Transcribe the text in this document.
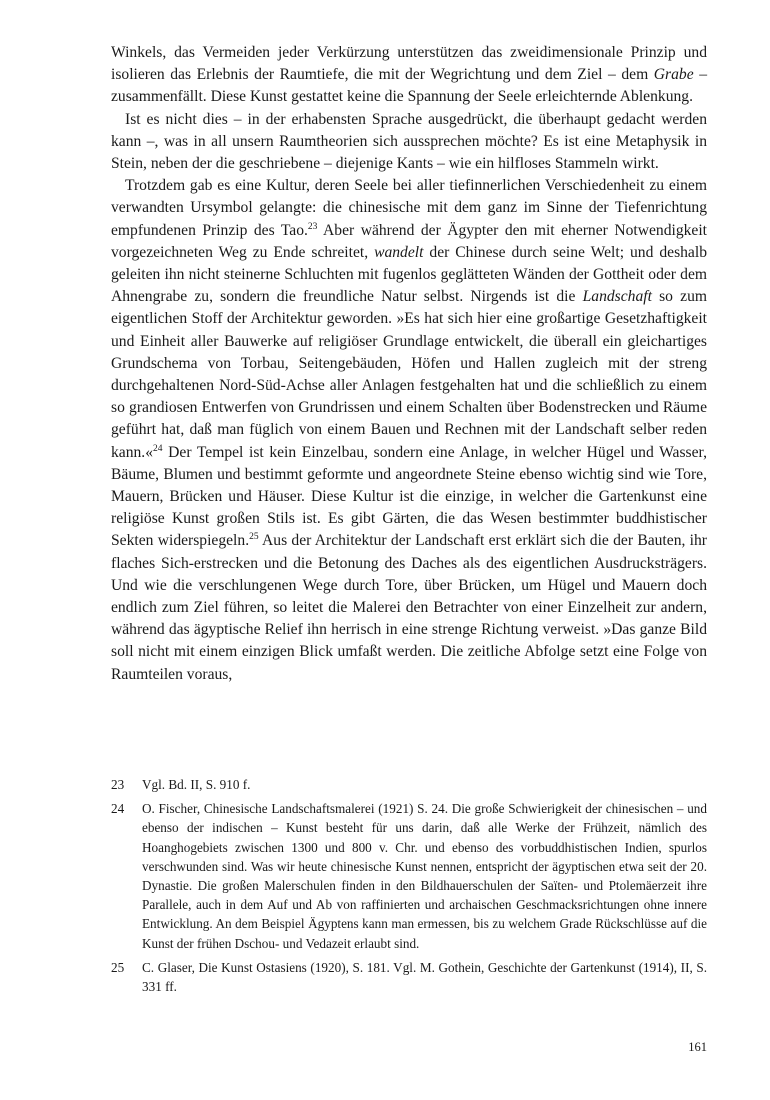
Winkels, das Vermeiden jeder Verkürzung unterstützen das zweidimensionale Prinzip und isolieren das Erlebnis der Raumtiefe, die mit der Wegrichtung und dem Ziel – dem Grabe – zusammenfällt. Diese Kunst gestattet keine die Spannung der Seele erleichternde Ablenkung.

Ist es nicht dies – in der erhabensten Sprache ausgedrückt, die überhaupt gedacht werden kann –, was in all unsern Raumtheorien sich aussprechen möchte? Es ist eine Metaphysik in Stein, neben der die geschriebene – diejenige Kants – wie ein hilfloses Stammeln wirkt.

Trotzdem gab es eine Kultur, deren Seele bei aller tiefinnerlichen Verschiedenheit zu einem verwandten Ursymbol gelangte: die chinesische mit dem ganz im Sinne der Tiefenrichtung empfundenen Prinzip des Tao.$^{23}$ Aber während der Ägypter den mit eherner Notwendigkeit vorgezeichneten Weg zu Ende schreitet, wandelt der Chinese durch seine Welt; und deshalb geleiten ihn nicht steinerne Schluchten mit fugenlos geglätteten Wänden der Gottheit oder dem Ahnengrabe zu, sondern die freundliche Natur selbst. Nirgends ist die Landschaft so zum eigentlichen Stoff der Architektur geworden. »Es hat sich hier eine großartige Gesetzhaftigkeit und Einheit aller Bauwerke auf religiöser Grundlage entwickelt, die überall ein gleichartiges Grundschema von Torbau, Seitengebäuden, Höfen und Hallen zugleich mit der streng durchgehaltenen Nord-Süd-Achse aller Anlagen festgehalten hat und die schließlich zu einem so grandiosen Entwerfen von Grundrissen und einem Schalten über Bodenstrecken und Räume geführt hat, daß man füglich von einem Bauen und Rechnen mit der Landschaft selber reden kann.«$^{24}$ Der Tempel ist kein Einzelbau, sondern eine Anlage, in welcher Hügel und Wasser, Bäume, Blumen und bestimmt geformte und angeordnete Steine ebenso wichtig sind wie Tore, Mauern, Brücken und Häuser. Diese Kultur ist die einzige, in welcher die Gartenkunst eine religiöse Kunst großen Stils ist. Es gibt Gärten, die das Wesen bestimmter buddhistischer Sekten widerspiegeln.$^{25}$ Aus der Architektur der Landschaft erst erklärt sich die der Bauten, ihr flaches Sich-erstrecken und die Betonung des Daches als des eigentlichen Ausdrucksträgers. Und wie die verschlungenen Wege durch Tore, über Brücken, um Hügel und Mauern doch endlich zum Ziel führen, so leitet die Malerei den Betrachter von einer Einzelheit zur andern, während das ägyptische Relief ihn herrisch in eine strenge Richtung verweist. »Das ganze Bild soll nicht mit einem einzigen Blick umfaßt werden. Die zeitliche Abfolge setzt eine Folge von Raumteilen voraus,

23	Vgl. Bd. II, S. 910 f.
24	O. Fischer, Chinesische Landschaftsmalerei (1921) S. 24. Die große Schwierigkeit der chinesischen – und ebenso der indischen – Kunst besteht für uns darin, daß alle Werke der Frühzeit, nämlich des Hoanghogebiets zwischen 1300 und 800 v. Chr. und ebenso des vorbuddhistischen Indien, spurlos verschwunden sind. Was wir heute chinesische Kunst nennen, entspricht der ägyptischen etwa seit der 20. Dynastie. Die großen Malerschulen finden in den Bildhauerschulen der Saïten- und Ptolemäerzeit ihre Parallele, auch in dem Auf und Ab von raffinierten und archaischen Geschmacksrichtungen ohne innere Entwicklung. An dem Beispiel Ägyptens kann man ermessen, bis zu welchem Grade Rückschlüsse auf die Kunst der frühen Dschou- und Vedazeit erlaubt sind.
25	C. Glaser, Die Kunst Ostasiens (1920), S. 181. Vgl. M. Gothein, Geschichte der Gartenkunst (1914), II, S. 331 ff.
161
